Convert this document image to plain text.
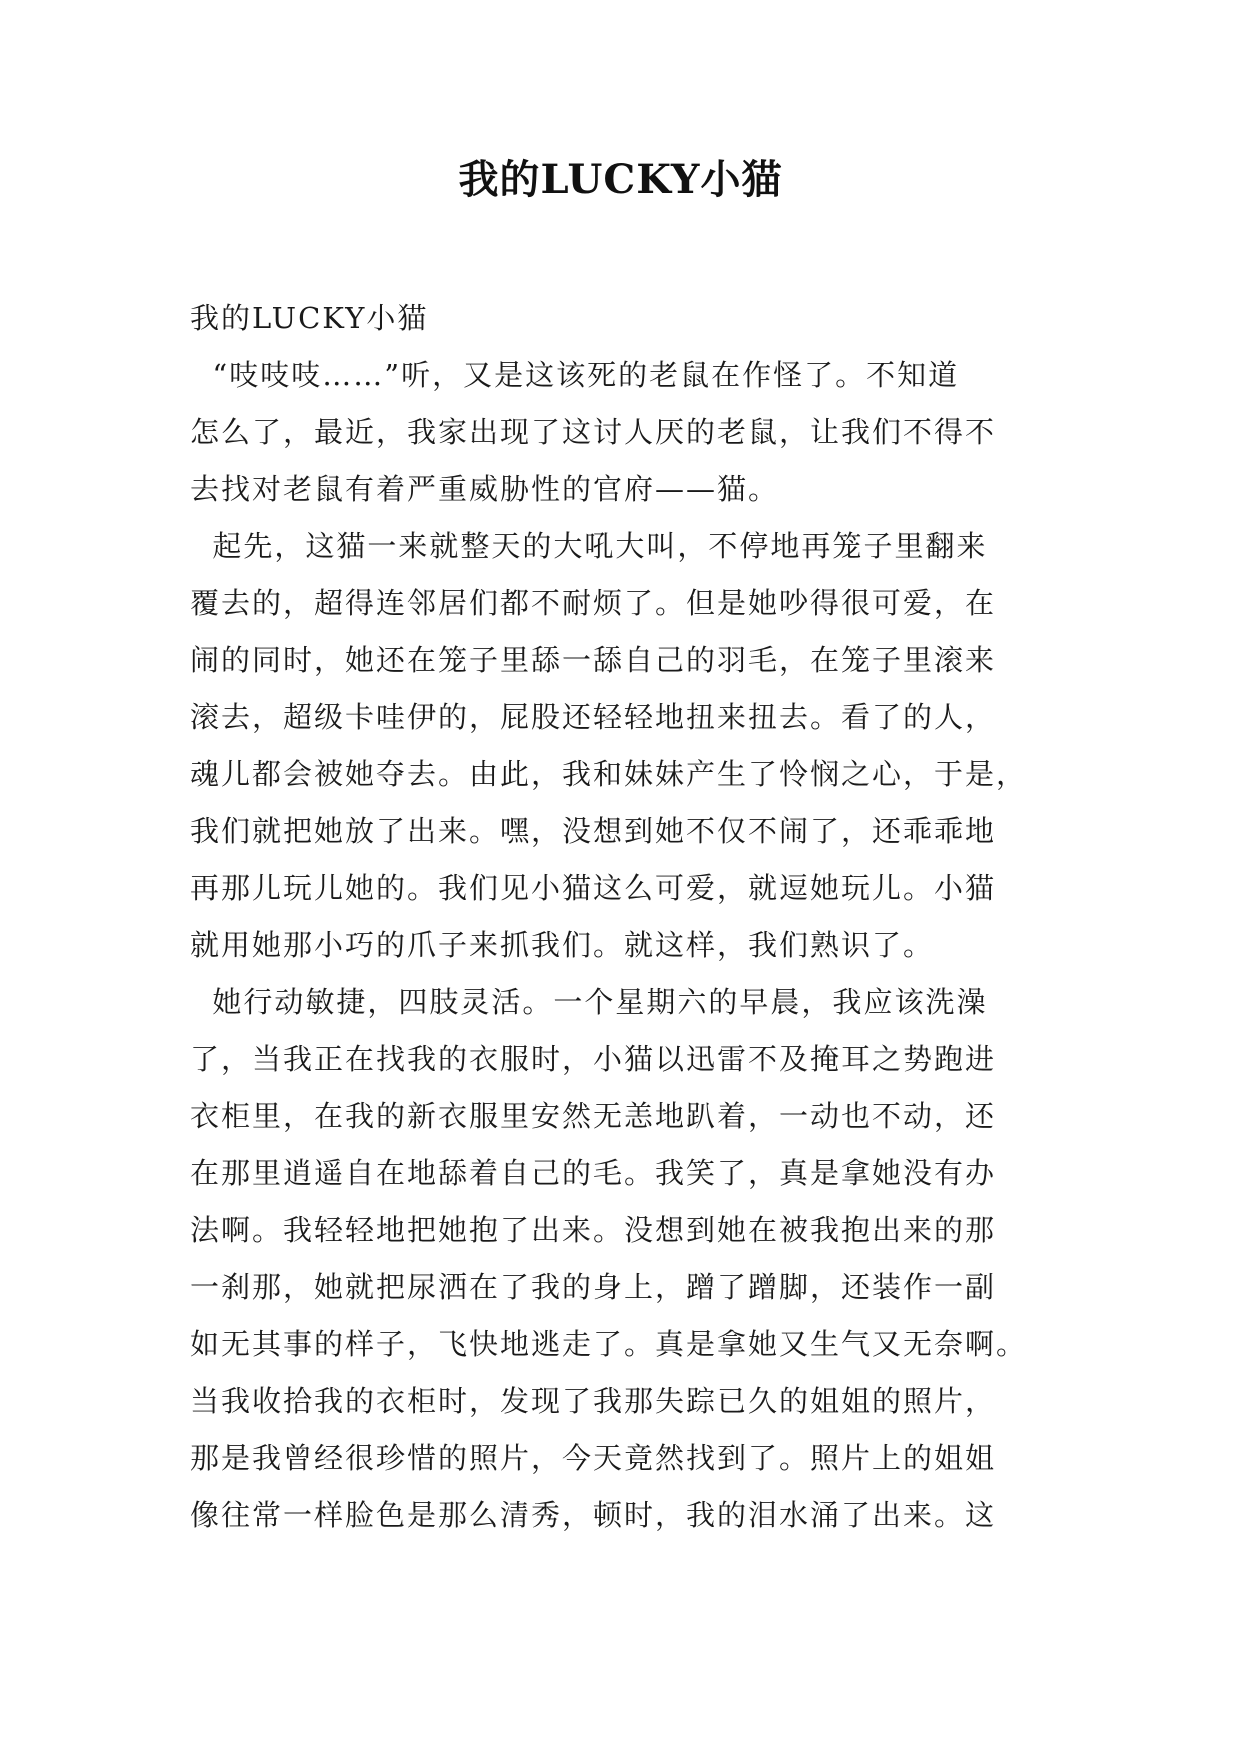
我的LUCKY小猫
我的LUCKY小猫
“吱吱吱……”听，又是这该死的老鼠在作怪了。不知道
怎么了，最近，我家出现了这讨人厌的老鼠，让我们不得不
去找对老鼠有着严重威胁性的官府——猫。
起先，这猫一来就整天的大吼大叫，不停地再笼子里翻来
覆去的，超得连邻居们都不耐烦了。但是她吵得很可爱，在
闹的同时，她还在笼子里舔一舔自己的羽毛，在笼子里滚来
滚去，超级卡哇伊的，屁股还轻轻地扭来扭去。看了的人，
魂儿都会被她夺去。由此，我和妹妹产生了怜悯之心，于是，
我们就把她放了出来。嘿，没想到她不仅不闹了，还乖乖地
再那儿玩儿她的。我们见小猫这么可爱，就逗她玩儿。小猫
就用她那小巧的爪子来抓我们。就这样，我们熟识了。
她行动敏捷，四肢灵活。一个星期六的早晨，我应该洗澡
了，当我正在找我的衣服时，小猫以迅雷不及掩耳之势跑进
衣柜里，在我的新衣服里安然无恙地趴着，一动也不动，还
在那里逍遥自在地舔着自己的毛。我笑了，真是拿她没有办
法啊。我轻轻地把她抱了出来。没想到她在被我抱出来的那
一刹那，她就把尿洒在了我的身上，蹭了蹭脚，还装作一副
如无其事的样子，飞快地逃走了。真是拿她又生气又无奈啊。
当我收拾我的衣柜时，发现了我那失踪已久的姐姐的照片，
那是我曾经很珍惜的照片，今天竟然找到了。照片上的姐姐
像往常一样脸色是那么清秀，顿时，我的泪水涌了出来。这
